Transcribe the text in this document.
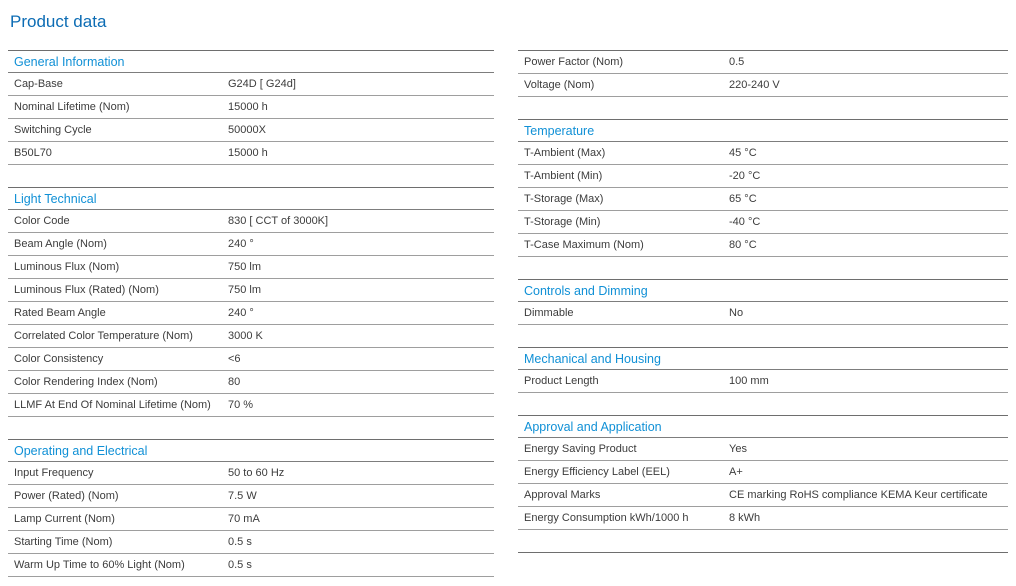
Product data
General Information
Cap-Base	G24D [ G24d]
Nominal Lifetime (Nom)	15000 h
Switching Cycle	50000X
B50L70	15000 h
Light Technical
Color Code	830 [ CCT of 3000K]
Beam Angle (Nom)	240 °
Luminous Flux (Nom)	750 lm
Luminous Flux (Rated) (Nom)	750 lm
Rated Beam Angle	240 °
Correlated Color Temperature (Nom)	3000 K
Color Consistency	<6
Color Rendering Index (Nom)	80
LLMF At End Of Nominal Lifetime (Nom)	70 %
Operating and Electrical
Input Frequency	50 to 60 Hz
Power (Rated) (Nom)	7.5 W
Lamp Current (Nom)	70 mA
Starting Time (Nom)	0.5 s
Warm Up Time to 60% Light (Nom)	0.5 s
Power Factor (Nom)	0.5
Voltage (Nom)	220-240 V
Temperature
T-Ambient (Max)	45 °C
T-Ambient (Min)	-20 °C
T-Storage (Max)	65 °C
T-Storage (Min)	-40 °C
T-Case Maximum (Nom)	80 °C
Controls and Dimming
Dimmable	No
Mechanical and Housing
Product Length	100 mm
Approval and Application
Energy Saving Product	Yes
Energy Efficiency Label (EEL)	A+
Approval Marks	CE marking RoHS compliance KEMA Keur certificate
Energy Consumption kWh/1000 h	8 kWh
